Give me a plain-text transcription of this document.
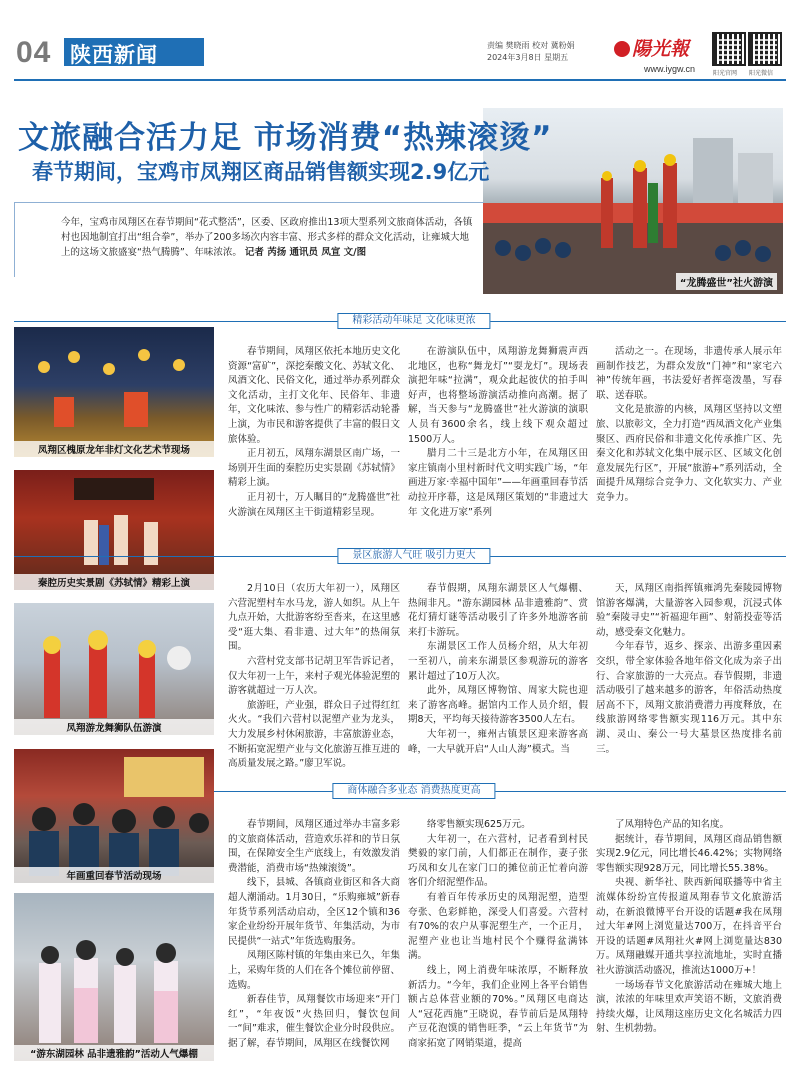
04 陕西新闻	责编 樊晓雨 校对 冀粉娟
2024年3月8日 星期五	陽光報
www.iygw.cn	阳光官网 阳光微信
“龙腾盛世”社火游演
文旅融合活力足 市场消费“热辣滚烫”
春节期间，宝鸡市凤翔区商品销售额实现2.9亿元
今年，宝鸡市凤翔区在春节期间“花式整活”，区委、区政府推出13项大型系列文旅商体活动，各镇村也因地制宜打出“组合拳”，举办了200多场次内容丰富、形式多样的群众文化活动，让雍城大地上的这场文旅盛宴“热气腾腾”、年味浓浓。 记者 芮扬 通讯员 凤宣 文/图
精彩活动年味足 文化味更浓
凤翔区槐原龙年非灯文化艺术节现场
秦腔历史实景剧《苏轼情》精彩上演

春节期间，凤翔区依托本地历史文化资源“富矿”，深挖秦酸文化、苏轼文化、凤酒文化、民俗文化，通过举办系列群众文化活动，主打文化年、民俗年、非遗年，文化味浓、参与性广的精彩活动轮番上演，为市民和游客提供了丰富的假日文旅体验。

正月初五，凤翔东湖景区南广场，一场别开生面的秦腔历史实景剧《苏轼情》精彩上演。

正月初十，万人瞩目的“龙腾盛世”社火游演在凤翔区主干街道精彩呈现。

在游演队伍中，凤翔游龙舞狮震声西北地区，也称“舞龙灯”“耍龙灯”。现场表演把年味“拉满”，观众此起彼伏的拍手叫好声，也将整场游演活动推向高潮。据了解，当天参与“龙腾盛世”社火游演的演职人员有3600余名，线上线下观众超过1500万人。

腊月二十三是北方小年，在凤翔区田家庄镇南小里村新时代文明实践广场，“年画进万家·幸福中国年”——年画重回春节活动拉开序幕，这是凤翔区策划的“非遗过大年 文化进万家”系列

活动之一。在现场，非遗传承人展示年画制作技艺，为群众发放“门神”和“家宅六神”传统年画，书法爱好者挥毫泼墨，写春联、送春联。

文化是旅游的内核，凤翔区坚持以文塑旅、以旅彰文，全力打造“西凤酒文化产业集聚区、西府民俗和非遗文化传承推广区、先秦文化和苏轼文化集中展示区、区域文化创意发展先行区”，开展“旅游+”系列活动，全面提升凤翔综合竞争力、文化软实力、产业竞争力。

景区旅游人气旺 吸引力更大
凤翔游龙舞狮队伍游演

2月10日（农历大年初一），凤翔区六营泥塑村车水马龙，游人如织。从上午九点开始，大批游客纷至沓来，在这里感受“逛大集、看非遗、过大年”的热闹氛围。

六营村党支部书记胡卫军告诉记者，仅大年初一上午，来村子观光体验泥塑的游客就超过一万人次。

旅游旺，产业强，群众日子过得红红火火。“我们六营村以泥塑产业为龙头，大力发展乡村休闲旅游，丰富旅游业态，不断拓宽泥塑产业与文化旅游互推互进的高质量发展之路。”廖卫军说。

春节假期，凤翔东湖景区人气爆棚、热闹非凡。“游东湖园林 品非遗雅韵”、赏花灯猜灯谜等活动吸引了许多外地游客前来打卡游玩。

东湖景区工作人员杨介绍，从大年初一至初八，前来东湖景区参观游玩的游客累计超过了10万人次。

此外，凤翔区博物馆、周家大院也迎来了游客高峰。据馆内工作人员介绍，假期8天，平均每天接待游客3500人左右。

大年初一，雍州古镇景区迎来游客高峰，一大早就开启“人山人海”模式。当

天，凤翔区南指挥镇雍鸿先秦陵园博物馆游客爆满，大量游客入园参观，沉浸式体验“秦陵寻史”“祈福迎年画”、射箭投壶等活动，感受秦文化魅力。

今年春节，返乡、探亲、出游多重因素交织，带全家体验各地年俗文化成为亲子出行、合家旅游的一大亮点。春节假期，非遗活动吸引了越来越多的游客，年俗活动热度居高不下，凤翔文旅消费潜力再度释放，在线旅游网络零售额实现116万元。其中东湖、灵山、秦公一号大墓景区热度排名前三。

商体融合多业态 消费热度更高
年画重回春节活动现场
“游东湖园林 品非遗雅韵”活动人气爆棚

春节期间，凤翔区通过举办丰富多彩的文旅商体活动，营造欢乐祥和的节日氛围，在保障安全生产底线上，有效激发消费潜能，消费市场“热辣滚烫”。

线下，县城、各镇商业街区和各大商超人潮涌动。1月30日，“乐购雍城”新春年货节系列活动启动，全区12个镇和36家企业纷纷开展年货节、年集活动，为市民提供“一站式”年货选购服务。

凤翔区陈村镇的年集由来已久，年集上，采购年货的人们在各个摊位前停留、选购。

新春佳节，凤翔餐饮市场迎来“开门红”，“年夜饭”火热回归，餐饮包间一“间”难求，催生餐饮企业分时段供应。据了解，春节期间，凤翔区在线餐饮网

络零售额实现625万元。

大年初一，在六营村，记者看到村民樊毅的家门前，人们都正在制作，妻子张巧凤和女儿在家门口的摊位前正忙着向游客们介绍泥塑作品。

有着百年传承历史的凤翔泥塑，造型夸张、色彩鲜艳，深受人们喜爱。六营村有70%的农户从事泥塑生产，一个正月，泥塑产业也让当地村民个个赚得盆满钵满。

线上，网上消费年味浓厚，不断释放新活力。“今年，我们企业网上各平台销售额占总体营业额的70%。”凤翔区电商达人“冠花西施”王晓说，春节前后是凤翔特产豆花泡馍的销售旺季，“云上年货节”为商家拓宽了网销渠道，提高

了凤翔特色产品的知名度。

据统计，春节期间，凤翔区商品销售额实现2.9亿元，同比增长46.42%；实物网络零售额实现928万元，同比增长55.38%。

央视、新华社、陕西新闻联播等中省主流媒体纷纷宣传报道凤翔春节文化旅游活动，在新浪微博平台开设的话题#我在凤翔过大年#网上浏览量达700万，在抖音平台开设的话题#凤翔社火#网上浏览量达830万。凤翔融媒开通共享拉流地址，实时直播社火游演活动盛况，推流达1000万+！

一场场春节文化旅游活动在雍城大地上演，浓浓的年味里欢声笑语不断，文旅消费持续火爆，让凤翔这座历史文化名城活力四射、生机勃勃。
